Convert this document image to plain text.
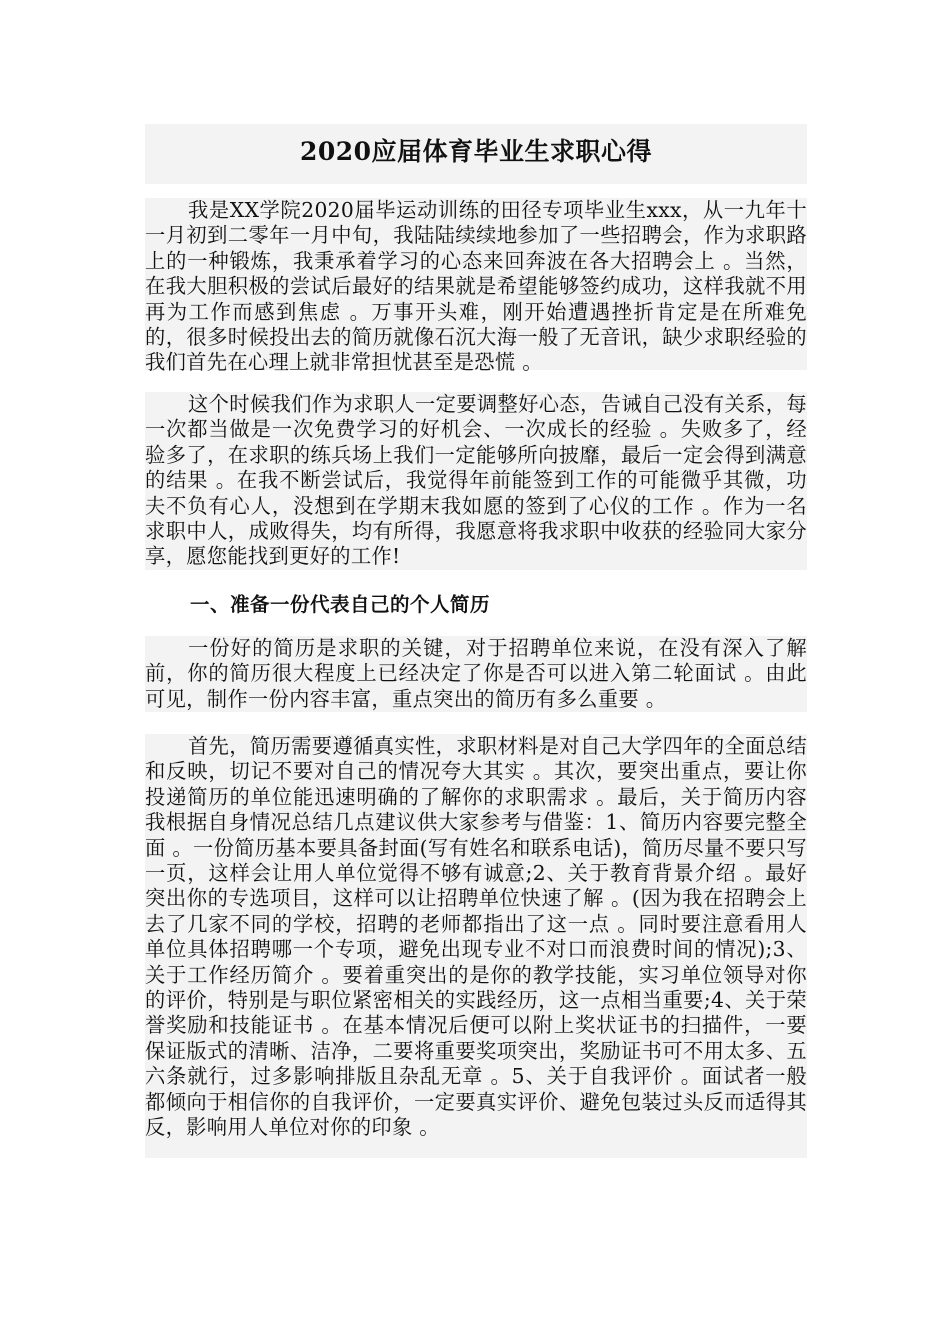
2020应届体育毕业生求职心得

我是XX学院2020届毕运动训练的田径专项毕业生xxx，从一九年十一月初到二零年一月中旬，我陆陆续续地参加了一些招聘会，作为求职路上的一种锻炼，我秉承着学习的心态来回奔波在各大招聘会上 。当然，在我大胆积极的尝试后最好的结果就是希望能够签约成功，这样我就不用再为工作而感到焦虑 。万事开头难，刚开始遭遇挫折肯定是在所难免的，很多时候投出去的简历就像石沉大海一般了无音讯，缺少求职经验的我们首先在心理上就非常担忧甚至是恐慌 。

这个时候我们作为求职人一定要调整好心态，告诫自己没有关系，每一次都当做是一次免费学习的好机会、一次成长的经验 。失败多了，经验多了，在求职的练兵场上我们一定能够所向披靡，最后一定会得到满意的结果 。在我不断尝试后，我觉得年前能签到工作的可能微乎其微，功夫不负有心人，没想到在学期末我如愿的签到了心仪的工作 。作为一名求职中人，成败得失，均有所得，我愿意将我求职中收获的经验同大家分享，愿您能找到更好的工作!

一、准备一份代表自己的个人简历

一份好的简历是求职的关键，对于招聘单位来说，在没有深入了解前，你的简历很大程度上已经决定了你是否可以进入第二轮面试 。由此可见，制作一份内容丰富，重点突出的简历有多么重要 。

首先，简历需要遵循真实性，求职材料是对自己大学四年的全面总结和反映，切记不要对自己的情况夸大其实 。其次，要突出重点，要让你投递简历的单位能迅速明确的了解你的求职需求 。最后，关于简历内容我根据自身情况总结几点建议供大家参考与借鉴：1、简历内容要完整全面 。一份简历基本要具备封面(写有姓名和联系电话)，简历尽量不要只写一页，这样会让用人单位觉得不够有诚意;2、关于教育背景介绍 。最好突出你的专选项目，这样可以让招聘单位快速了解 。(因为我在招聘会上去了几家不同的学校，招聘的老师都指出了这一点 。同时要注意看用人单位具体招聘哪一个专项，避免出现专业不对口而浪费时间的情况);3、关于工作经历简介 。要着重突出的是你的教学技能，实习单位领导对你的评价，特别是与职位紧密相关的实践经历，这一点相当重要;4、关于荣誉奖励和技能证书 。在基本情况后便可以附上奖状证书的扫描件，一要保证版式的清晰、洁净，二要将重要奖项突出，奖励证书可不用太多、五六条就行，过多影响排版且杂乱无章 。5、关于自我评价 。面试者一般都倾向于相信你的自我评价，一定要真实评价、避免包装过头反而适得其反，影响用人单位对你的印象 。
